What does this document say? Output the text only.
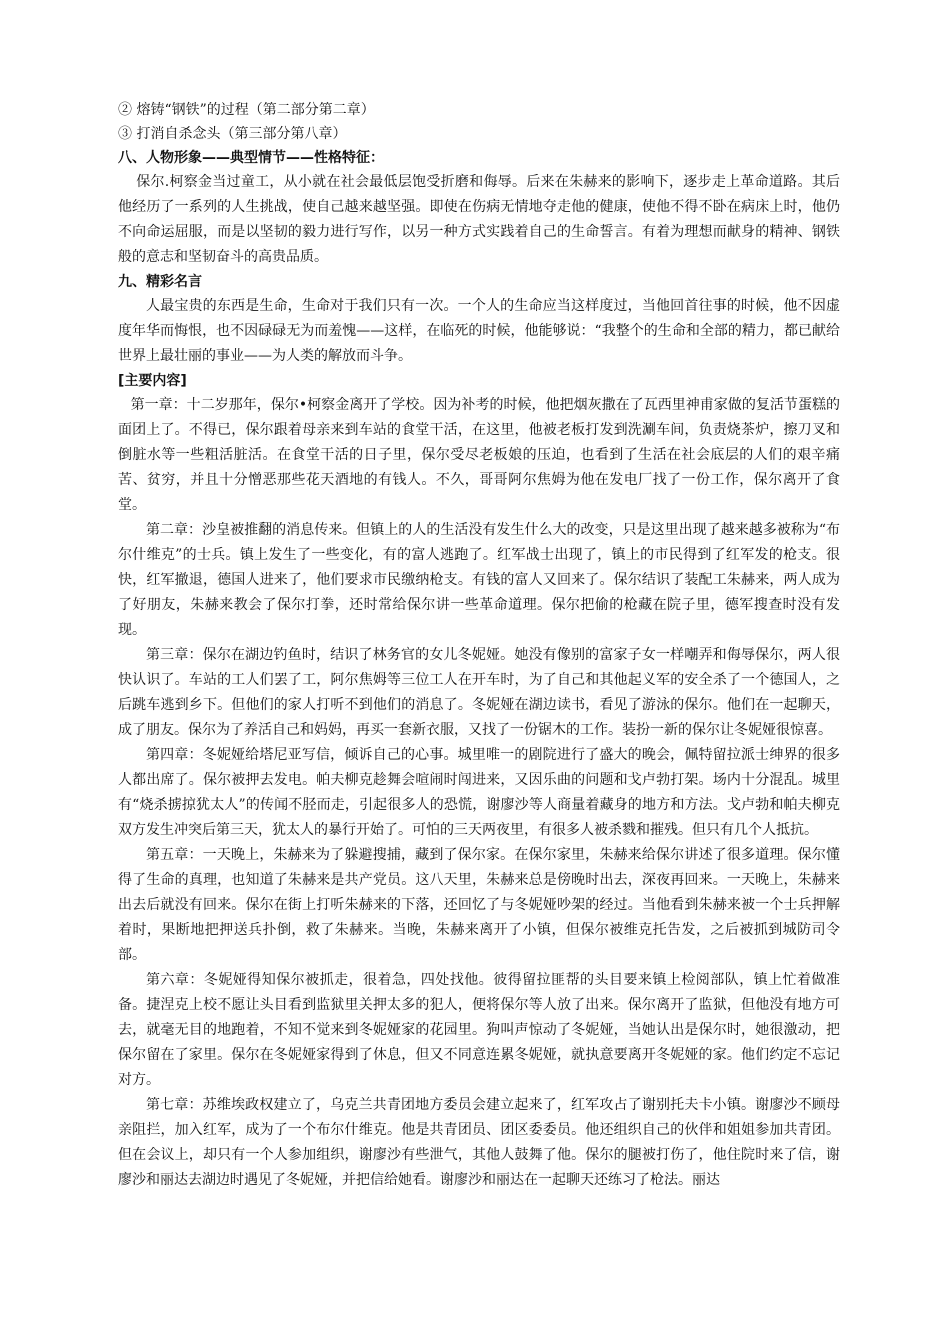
② 熔铸“钢铁”的过程（第二部分第二章）

③ 打消自杀念头（第三部分第八章）

八、人物形象——典型情节——性格特征：

保尔.柯察金当过童工，从小就在社会最低层饱受折磨和侮辱。后来在朱赫来的影响下，逐步走上革命道路。其后他经历了一系列的人生挑战，使自己越来越坚强。即使在伤病无情地夺走他的健康，使他不得不卧在病床上时，他仍不向命运屈服，而是以坚韧的毅力进行写作，以另一种方式实践着自己的生命誓言。有着为理想而献身的精神、钢铁般的意志和坚韧奋斗的高贵品质。

九、精彩名言

人最宝贵的东西是生命，生命对于我们只有一次。一个人的生命应当这样度过，当他回首往事的时候，他不因虚度年华而悔恨，也不因碌碌无为而羞愧——这样，在临死的时候，他能够说：“我整个的生命和全部的精力，都已献给世界上最壮丽的事业——为人类的解放而斗争。

[主要内容]

第一章：十二岁那年，保尔•柯察金离开了学校。因为补考的时候，他把烟灰撒在了瓦西里神甫家做的复活节蛋糕的面团上了。不得已，保尔跟着母亲来到车站的食堂干活，在这里，他被老板打发到洗涮车间，负责烧茶炉，擦刀叉和倒脏水等一些粗活脏活。在食堂干活的日子里，保尔受尽老板娘的压迫，也看到了生活在社会底层的人们的艰辛痛苦、贫穷，并且十分憎恶那些花天酒地的有钱人。不久，哥哥阿尔焦姆为他在发电厂找了一份工作，保尔离开了食堂。

第二章：沙皇被推翻的消息传来。但镇上的人的生活没有发生什么大的改变，只是这里出现了越来越多被称为“布尔什维克”的士兵。镇上发生了一些变化，有的富人逃跑了。红军战士出现了，镇上的市民得到了红军发的枪支。很快，红军撤退，德国人进来了，他们要求市民缴纳枪支。有钱的富人又回来了。保尔结识了装配工朱赫来，两人成为了好朋友，朱赫来教会了保尔打拳，还时常给保尔讲一些革命道理。保尔把偷的枪藏在院子里，德军搜查时没有发现。

第三章：保尔在湖边钓鱼时，结识了林务官的女儿冬妮娅。她没有像别的富家子女一样嘲弄和侮辱保尔，两人很快认识了。车站的工人们罢了工，阿尔焦姆等三位工人在开车时，为了自己和其他起义军的安全杀了一个德国人，之后跳车逃到乡下。但他们的家人打听不到他们的消息了。冬妮娅在湖边读书，看见了游泳的保尔。他们在一起聊天，成了朋友。保尔为了养活自己和妈妈，再买一套新衣服，又找了一份锯木的工作。装扮一新的保尔让冬妮娅很惊喜。

第四章：冬妮娅给塔尼亚写信，倾诉自己的心事。城里唯一的剧院进行了盛大的晚会，佩特留拉派士绅界的很多人都出席了。保尔被押去发电。帕夫柳克趁舞会喧闹时闯进来，又因乐曲的问题和戈卢勃打架。场内十分混乱。城里有“烧杀掳掠犹太人”的传闻不胫而走，引起很多人的恐慌，谢廖沙等人商量着藏身的地方和方法。戈卢勃和帕夫柳克双方发生冲突后第三天，犹太人的暴行开始了。可怕的三天两夜里，有很多人被杀戮和摧残。但只有几个人抵抗。

第五章：一天晚上，朱赫来为了躲避搜捕，藏到了保尔家。在保尔家里，朱赫来给保尔讲述了很多道理。保尔懂得了生命的真理，也知道了朱赫来是共产党员。这八天里，朱赫来总是傍晚时出去，深夜再回来。一天晚上，朱赫来出去后就没有回来。保尔在街上打听朱赫来的下落，还回忆了与冬妮娅吵架的经过。当他看到朱赫来被一个士兵押解着时，果断地把押送兵扑倒，救了朱赫来。当晚，朱赫来离开了小镇，但保尔被维克托告发，之后被抓到城防司令部。

第六章：冬妮娅得知保尔被抓走，很着急，四处找他。彼得留拉匪帮的头目要来镇上检阅部队，镇上忙着做准备。捷涅克上校不愿让头目看到监狱里关押太多的犯人，便将保尔等人放了出来。保尔离开了监狱，但他没有地方可去，就毫无目的地跑着，不知不觉来到冬妮娅家的花园里。狗叫声惊动了冬妮娅，当她认出是保尔时，她很激动，把保尔留在了家里。保尔在冬妮娅家得到了休息，但又不同意连累冬妮娅，就执意要离开冬妮娅的家。他们约定不忘记对方。

第七章：苏维埃政权建立了，乌克兰共青团地方委员会建立起来了，红军攻占了谢别托夫卡小镇。谢廖沙不顾母亲阻拦，加入红军，成为了一个布尔什维克。他是共青团员、团区委委员。他还组织自己的伙伴和姐姐参加共青团。但在会议上，却只有一个人参加组织，谢廖沙有些泄气，其他人鼓舞了他。保尔的腿被打伤了，他住院时来了信，谢廖沙和丽达去湖边时遇见了冬妮娅，并把信给她看。谢廖沙和丽达在一起聊天还练习了枪法。丽达
